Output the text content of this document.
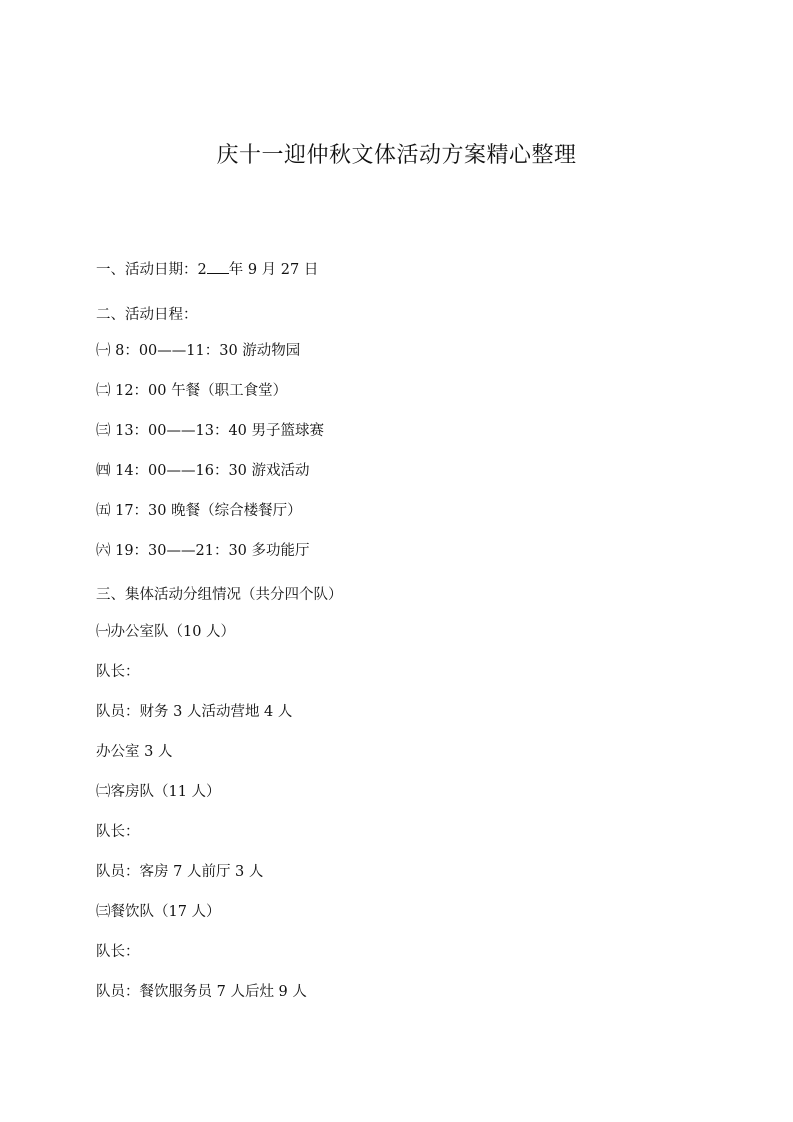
庆十一迎仲秋文体活动方案精心整理
一、活动日期：2 年 9 月 27 日
二、活动日程：
㈠ 8：00——11：30 游动物园
㈡ 12：00 午餐（职工食堂）
㈢ 13：00——13：40 男子篮球赛
㈣ 14：00——16：30 游戏活动
㈤ 17：30 晚餐（综合楼餐厅）
㈥ 19：30——21：30 多功能厅
三、集体活动分组情况（共分四个队）
㈠办公室队（10 人）
队长：
队员：财务 3 人活动营地 4 人
办公室 3 人
㈡客房队（11 人）
队长：
队员：客房 7 人前厅 3 人
㈢餐饮队（17 人）
队长：
队员：餐饮服务员 7 人后灶 9 人
